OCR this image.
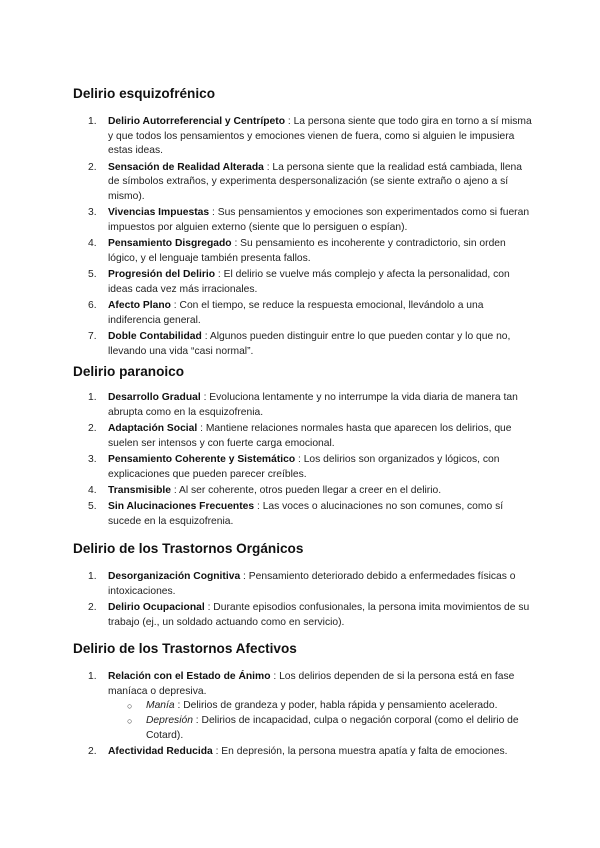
Delirio esquizofrénico
1. Delirio Autorreferencial y Centrípeto : La persona siente que todo gira en torno a sí misma y que todos los pensamientos y emociones vienen de fuera, como si alguien le impusiera estas ideas.
2. Sensación de Realidad Alterada : La persona siente que la realidad está cambiada, llena de símbolos extraños, y experimenta despersonalización (se siente extraño o ajeno a sí mismo).
3. Vivencias Impuestas : Sus pensamientos y emociones son experimentados como si fueran impuestos por alguien externo (siente que lo persiguen o espían).
4. Pensamiento Disgregado : Su pensamiento es incoherente y contradictorio, sin orden lógico, y el lenguaje también presenta fallos.
5. Progresión del Delirio : El delirio se vuelve más complejo y afecta la personalidad, con ideas cada vez más irracionales.
6. Afecto Plano : Con el tiempo, se reduce la respuesta emocional, llevándolo a una indiferencia general.
7. Doble Contabilidad : Algunos pueden distinguir entre lo que pueden contar y lo que no, llevando una vida “casi normal”.
Delirio paranoico
1. Desarrollo Gradual : Evoluciona lentamente y no interrumpe la vida diaria de manera tan abrupta como en la esquizofrenia.
2. Adaptación Social : Mantiene relaciones normales hasta que aparecen los delirios, que suelen ser intensos y con fuerte carga emocional.
3. Pensamiento Coherente y Sistemático : Los delirios son organizados y lógicos, con explicaciones que pueden parecer creíbles.
4. Transmisible : Al ser coherente, otros pueden llegar a creer en el delirio.
5. Sin Alucinaciones Frecuentes : Las voces o alucinaciones no son comunes, como sí sucede en la esquizofrenia.
Delirio de los Trastornos Orgánicos
1. Desorganización Cognitiva : Pensamiento deteriorado debido a enfermedades físicas o intoxicaciones.
2. Delirio Ocupacional : Durante episodios confusionales, la persona imita movimientos de su trabajo (ej., un soldado actuando como en servicio).
Delirio de los Trastornos Afectivos
1. Relación con el Estado de Ánimo : Los delirios dependen de si la persona está en fase maníaca o depresiva.
○ Manía : Delirios de grandeza y poder, habla rápida y pensamiento acelerado.
○ Depresión : Delirios de incapacidad, culpa o negación corporal (como el delirio de Cotard).
2. Afectividad Reducida : En depresión, la persona muestra apatía y falta de emociones.
